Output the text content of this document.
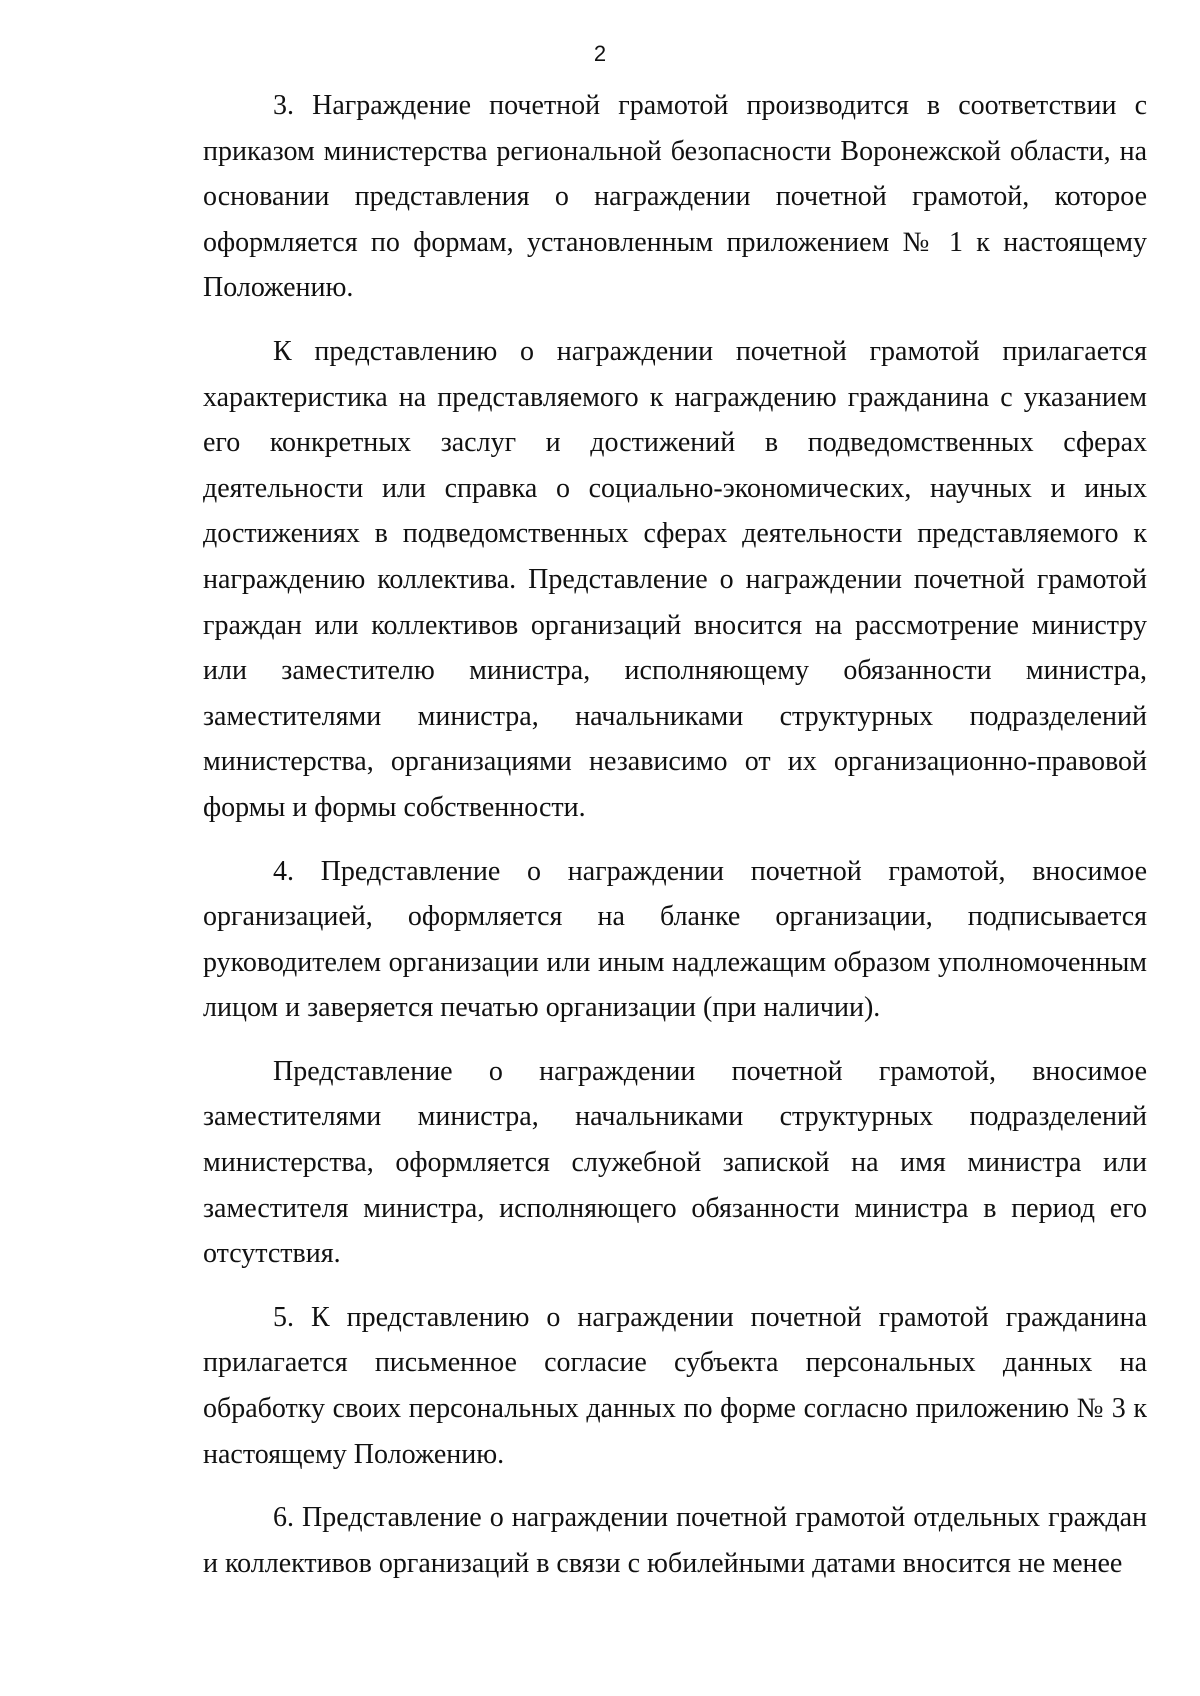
2

3. Награждение почетной грамотой производится в соответствии с приказом министерства региональной безопасности Воронежской области, на основании представления о награждении почетной грамотой, которое оформляется по формам, установленным приложением № 1 к настоящему Положению.

К представлению о награждении почетной грамотой прилагается характеристика на представляемого к награждению гражданина с указанием его конкретных заслуг и достижений в подведомственных сферах деятельности или справка о социально-экономических, научных и иных достижениях в подведомственных сферах деятельности представляемого к награждению коллектива. Представление о награждении почетной грамотой граждан или коллективов организаций вносится на рассмотрение министру или заместителю министра, исполняющему обязанности министра, заместителями министра, начальниками структурных подразделений министерства, организациями независимо от их организационно-правовой формы и формы собственности.

4. Представление о награждении почетной грамотой, вносимое организацией, оформляется на бланке организации, подписывается руководителем организации или иным надлежащим образом уполномоченным лицом и заверяется печатью организации (при наличии).

Представление о награждении почетной грамотой, вносимое заместителями министра, начальниками структурных подразделений министерства, оформляется служебной запиской на имя министра или заместителя министра, исполняющего обязанности министра в период его отсутствия.

5. К представлению о награждении почетной грамотой гражданина прилагается письменное согласие субъекта персональных данных на обработку своих персональных данных по форме согласно приложению № 3 к настоящему Положению.

6. Представление о награждении почетной грамотой отдельных граждан и коллективов организаций в связи с юбилейными датами вносится не менее
